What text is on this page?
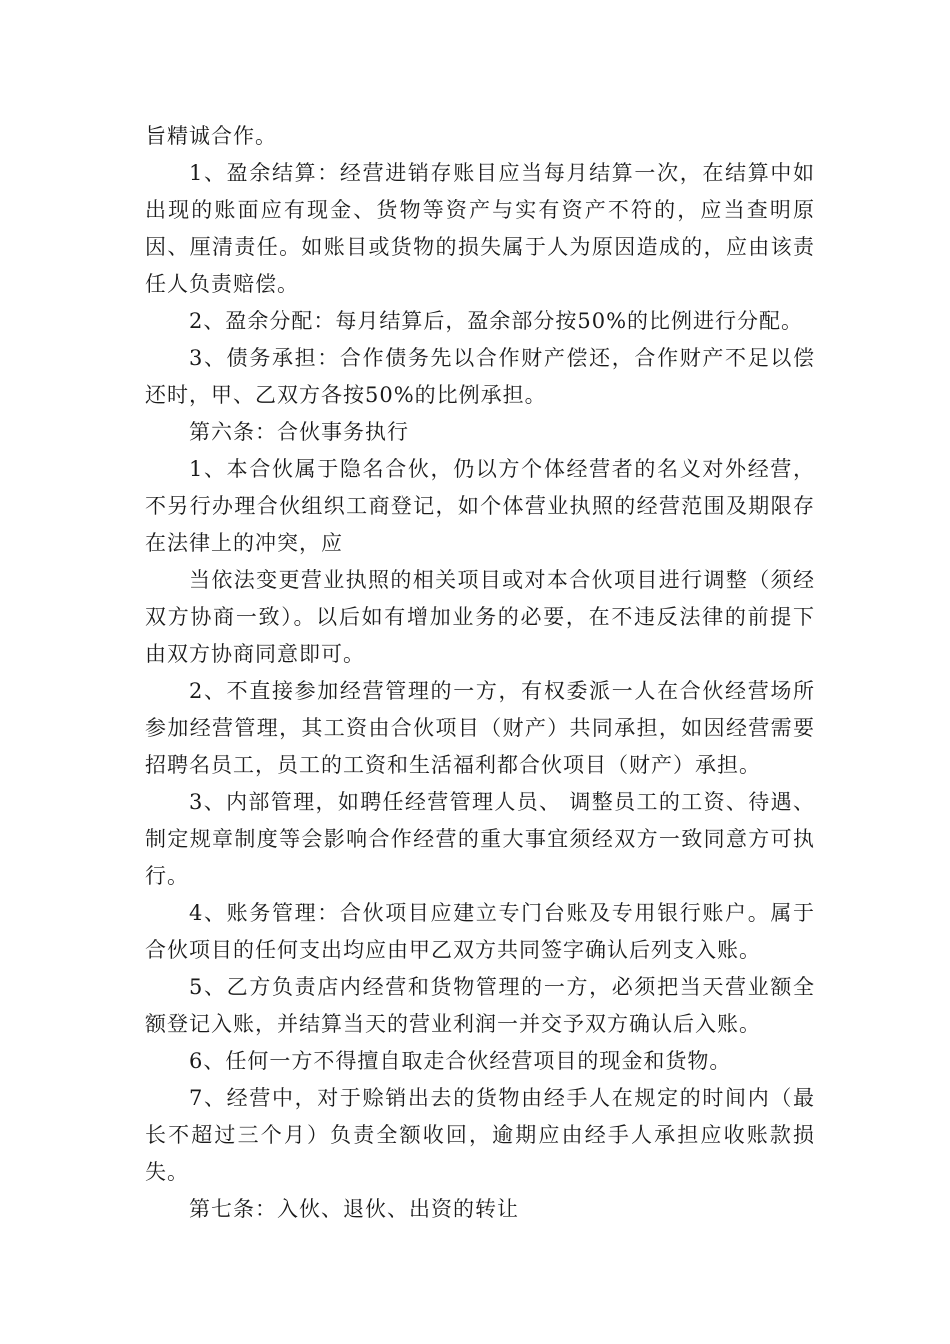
旨精诚合作。

1、盈余结算：经营进销存账目应当每月结算一次，在结算中如出现的账面应有现金、货物等资产与实有资产不符的，应当查明原因、厘清责任。如账目或货物的损失属于人为原因造成的，应由该责任人负责赔偿。

2、盈余分配：每月结算后，盈余部分按50%的比例进行分配。

3、债务承担：合作债务先以合作财产偿还，合作财产不足以偿还时，甲、乙双方各按50%的比例承担。

第六条：合伙事务执行

1、本合伙属于隐名合伙，仍以方个体经营者的名义对外经营，不另行办理合伙组织工商登记，如个体营业执照的经营范围及期限存在法律上的冲突，应

当依法变更营业执照的相关项目或对本合伙项目进行调整（须经双方协商一致）。以后如有增加业务的必要，在不违反法律的前提下由双方协商同意即可。

2、不直接参加经营管理的一方，有权委派一人在合伙经营场所参加经营管理，其工资由合伙项目（财产）共同承担，如因经营需要招聘名员工，员工的工资和生活福利都合伙项目（财产）承担。

3、内部管理，如聘任经营管理人员、 调整员工的工资、待遇、制定规章制度等会影响合作经营的重大事宜须经双方一致同意方可执行。

4、账务管理：合伙项目应建立专门台账及专用银行账户。属于合伙项目的任何支出均应由甲乙双方共同签字确认后列支入账。

5、乙方负责店内经营和货物管理的一方，必须把当天营业额全额登记入账，并结算当天的营业利润一并交予双方确认后入账。

6、任何一方不得擅自取走合伙经营项目的现金和货物。

7、经营中，对于赊销出去的货物由经手人在规定的时间内（最长不超过三个月）负责全额收回，逾期应由经手人承担应收账款损失。

第七条：入伙、退伙、出资的转让
